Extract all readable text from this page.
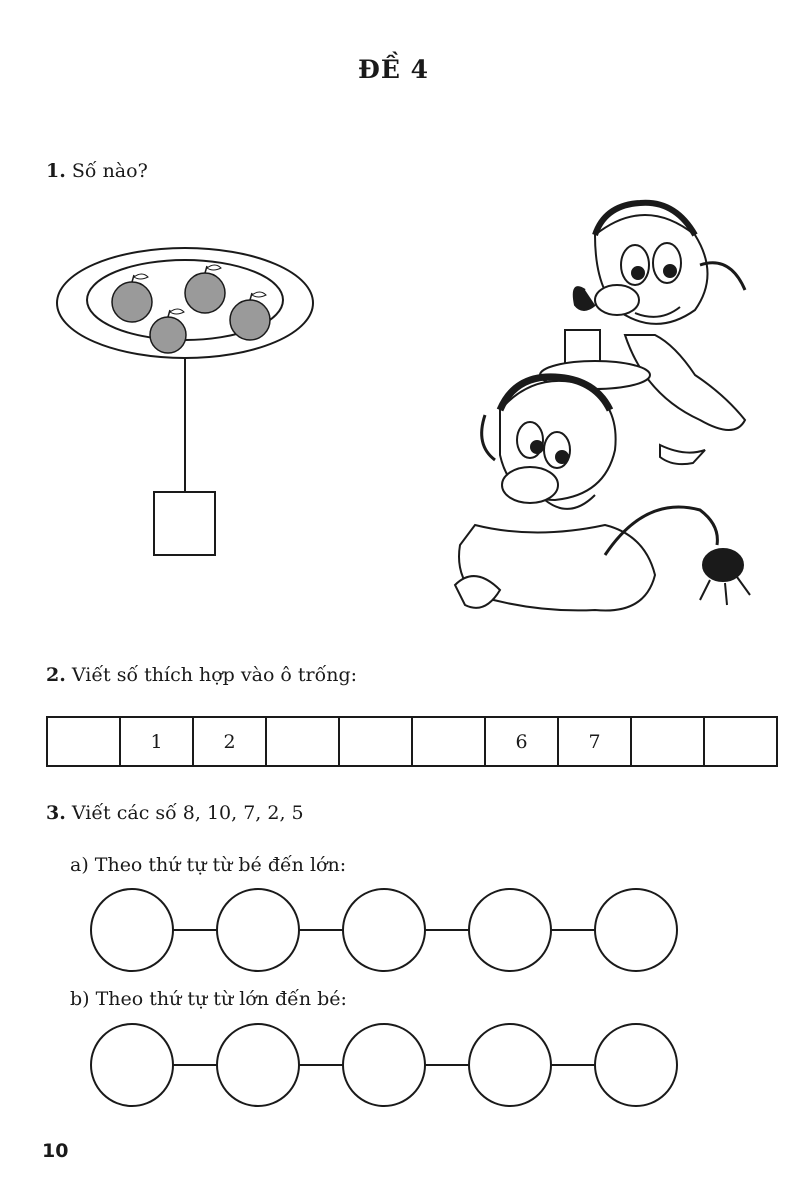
ĐỀ 4
1. Số nào?
2. Viết số thích hợp vào ô trống:
	1	2				6	7		
3. Viết các số 8, 10, 7, 2, 5
a) Theo thứ tự từ bé đến lớn:
b) Theo thứ tự từ lớn đến bé:
10
